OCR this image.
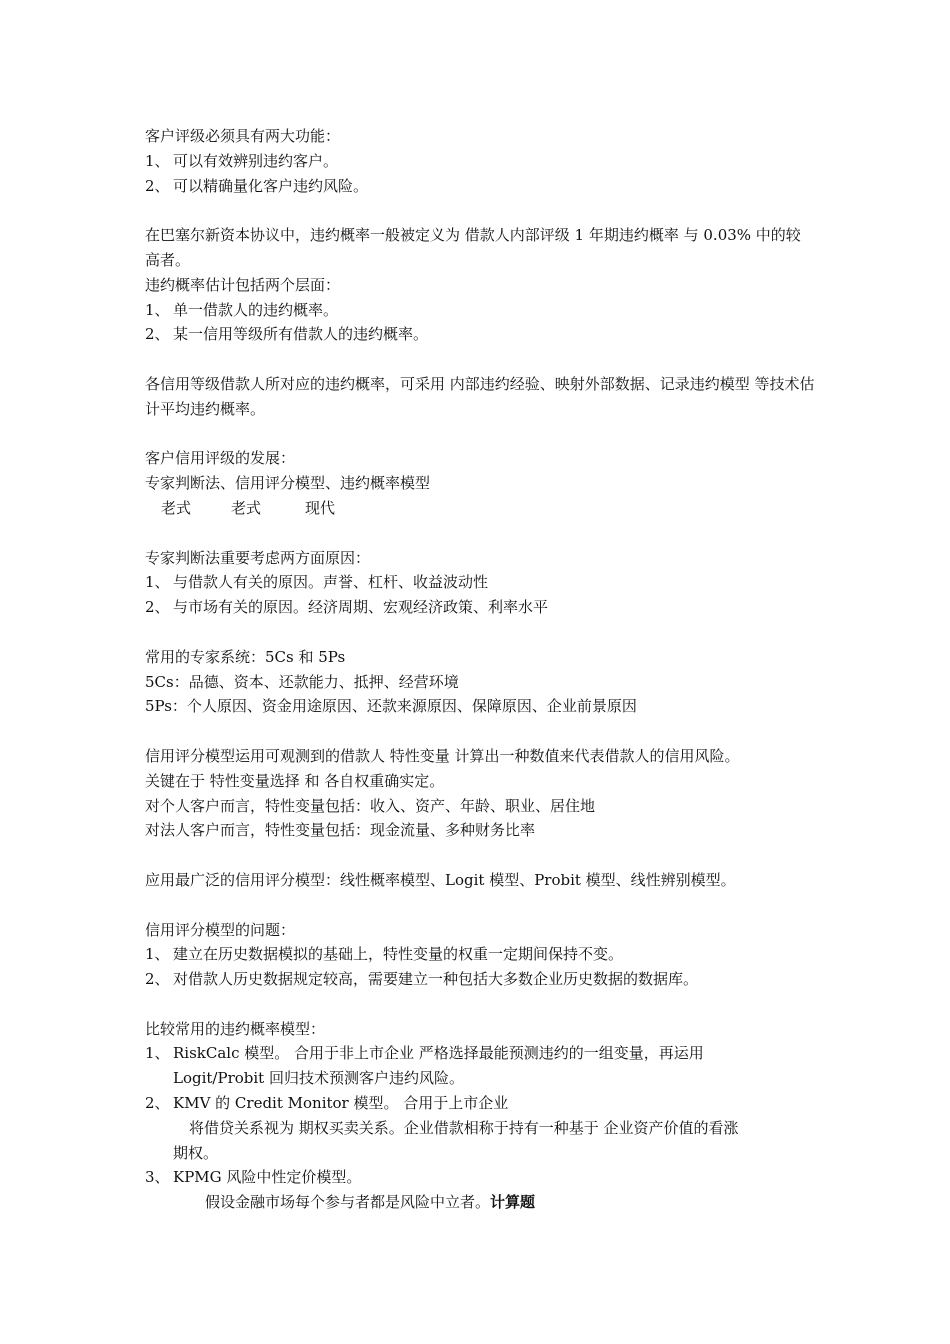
客户评级必须具有两大功能：

1、 可以有效辨别违约客户。

2、 可以精确量化客户违约风险。

在巴塞尔新资本协议中，违约概率一般被定义为 借款人内部评级 1 年期违约概率 与 0.03% 中的较高者。

违约概率估计包括两个层面：

1、 单一借款人的违约概率。

2、 某一信用等级所有借款人的违约概率。

各信用等级借款人所对应的违约概率，可采用 内部违约经验、映射外部数据、记录违约模型 等技术估计平均违约概率。

客户信用评级的发展：

专家判断法、信用评分模型、违约概率模型

老式	老式	现代

专家判断法重要考虑两方面原因：

1、 与借款人有关的原因。声誉、杠杆、收益波动性

2、 与市场有关的原因。经济周期、宏观经济政策、利率水平

常用的专家系统：5Cs 和 5Ps

5Cs：品德、资本、还款能力、抵押、经营环境

5Ps：个人原因、资金用途原因、还款来源原因、保障原因、企业前景原因

信用评分模型运用可观测到的借款人 特性变量 计算出一种数值来代表借款人的信用风险。

关键在于 特性变量选择 和 各自权重确实定。

对个人客户而言，特性变量包括：收入、资产、年龄、职业、居住地

对法人客户而言，特性变量包括：现金流量、多种财务比率

应用最广泛的信用评分模型：线性概率模型、Logit 模型、Probit 模型、线性辨别模型。

信用评分模型的问题：

1、 建立在历史数据模拟的基础上，特性变量的权重一定期间保持不变。

2、 对借款人历史数据规定较高，需要建立一种包括大多数企业历史数据的数据库。

比较常用的违约概率模型：

1、 RiskCalc 模型。 合用于非上市企业 严格选择最能预测违约的一组变量，再运用

Logit/Probit 回归技术预测客户违约风险。

2、 KMV 的 Credit Monitor 模型。 合用于上市企业

将借贷关系视为 期权买卖关系。企业借款相称于持有一种基于 企业资产价值的看涨

期权。

3、 KPMG 风险中性定价模型。

假设金融市场每个参与者都是风险中立者。计算题
